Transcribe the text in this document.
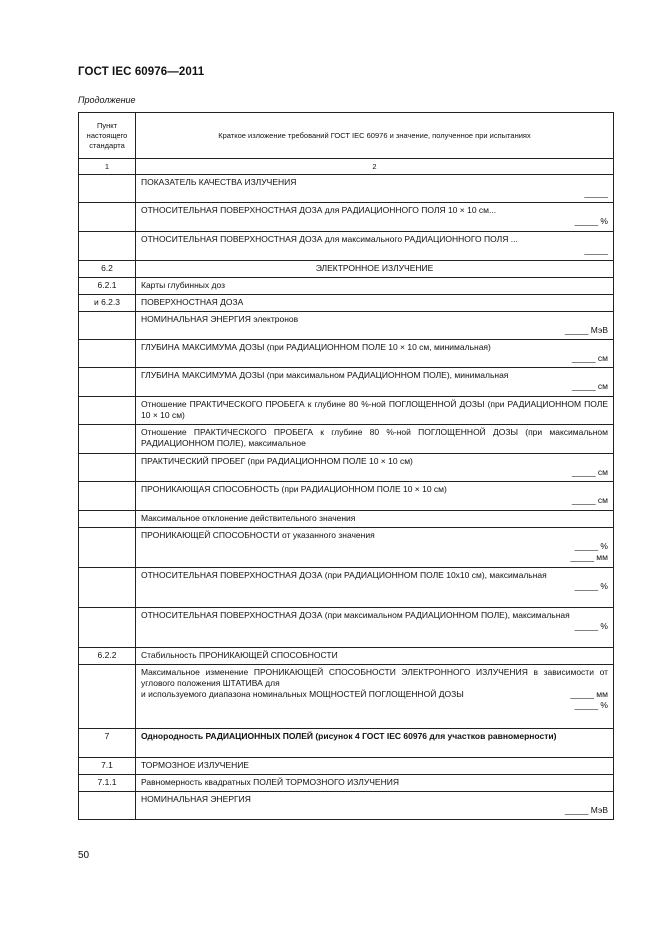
ГОСТ IEC 60976—2011
Продолжение
Пункт настоящего стандарта	Краткое изложение требований ГОСТ IEC 60976 и значение, полученное при испытаниях
1	2

	ПОКАЗАТЕЛЬ КАЧЕСТВА ИЗЛУЧЕНИЯ
_____

	ОТНОСИТЕЛЬНАЯ ПОВЕРХНОСТНАЯ ДОЗА для РАДИАЦИОННОГО ПОЛЯ 10 × 10 см...
_____ %

	ОТНОСИТЕЛЬНАЯ ПОВЕРХНОСТНАЯ ДОЗА для максимального РАДИАЦИОННОГО ПОЛЯ ...
_____

6.2	ЭЛЕКТРОННОЕ ИЗЛУЧЕНИЕ

6.2.1	Карты глубинных доз

и 6.2.3	ПОВЕРХНОСТНАЯ ДОЗА

	НОМИНАЛЬНАЯ ЭНЕРГИЯ электронов
_____ МэВ

	ГЛУБИНА МАКСИМУМА ДОЗЫ (при РАДИАЦИОННОМ ПОЛЕ 10 × 10 см, минимальная)
_____ см

	ГЛУБИНА МАКСИМУМА ДОЗЫ (при максимальном РАДИАЦИОННОМ ПОЛЕ), минимальная
_____ см

	Отношение ПРАКТИЧЕСКОГО ПРОБЕГА к глубине 80 %-ной ПОГЛОЩЕННОЙ ДОЗЫ (при РАДИАЦИОННОМ ПОЛЕ 10 × 10 см)

	Отношение ПРАКТИЧЕСКОГО ПРОБЕГА к глубине 80 %-ной ПОГЛОЩЕННОЙ ДОЗЫ (при максимальном РАДИАЦИОННОМ ПОЛЕ), максимальное

	ПРАКТИЧЕСКИЙ ПРОБЕГ (при РАДИАЦИОННОМ ПОЛЕ 10 × 10 см)
_____ см

	ПРОНИКАЮЩАЯ СПОСОБНОСТЬ (при РАДИАЦИОННОМ ПОЛЕ 10 × 10 см)
_____ см

	Максимальное отклонение действительного значения

	ПРОНИКАЮЩЕЙ СПОСОБНОСТИ от указанного значения
_____ %
_____ мм

	ОТНОСИТЕЛЬНАЯ ПОВЕРХНОСТНАЯ ДОЗА (при РАДИАЦИОННОМ ПОЛЕ 10х10 см), максимальная
_____ %

	ОТНОСИТЕЛЬНАЯ ПОВЕРХНОСТНАЯ ДОЗА (при максимальном РАДИАЦИОННОМ ПОЛЕ), максимальная
_____ %

6.2.2	Стабильность ПРОНИКАЮЩЕЙ СПОСОБНОСТИ

	Максимальное изменение ПРОНИКАЮЩЕЙ СПОСОБНОСТИ ЭЛЕКТРОННОГО ИЗЛУЧЕНИЯ в зависимости от углового положения ШТАТИВА для
_____ мм
и используемого диапазона номинальных МОЩНОСТЕЙ ПОГЛОЩЕННОЙ ДОЗЫ
_____ %

7	Однородность РАДИАЦИОННЫХ ПОЛЕЙ (рисунок 4 ГОСТ IEC 60976 для участков равномерности)

7.1	ТОРМОЗНОЕ ИЗЛУЧЕНИЕ

7.1.1	Равномерность квадратных ПОЛЕЙ ТОРМОЗНОГО ИЗЛУЧЕНИЯ

	НОМИНАЛЬНАЯ ЭНЕРГИЯ
_____ МэВ
50
